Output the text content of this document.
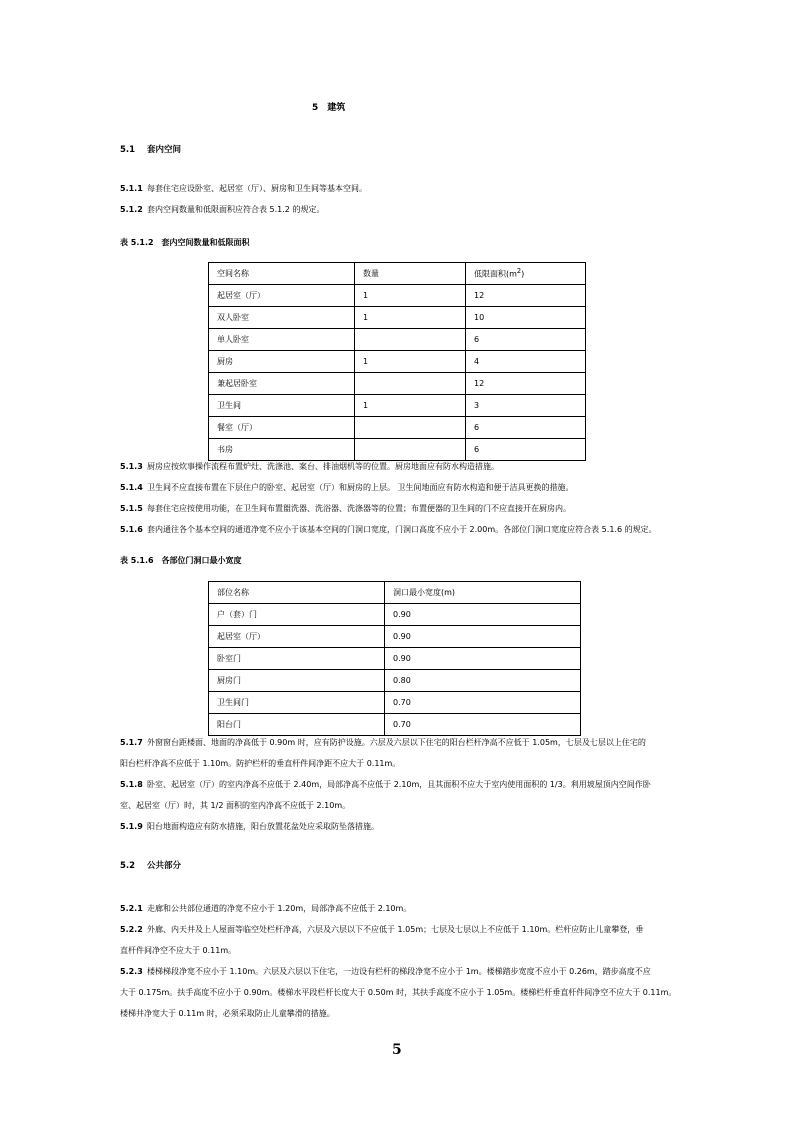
5　建筑
5.1 套内空间
5.1.1 每套住宅应设卧室、起居室（厅）、厨房和卫生间等基本空间。
5.1.2 套内空间数量和低限面积应符合表 5.1.2 的规定。
表 5.1.2　套内空间数量和低限面积
空间名称	数量	低限面积$(m^2)$
起居室（厅）	1	12
双人卧室	1	10
单人卧室		6
厨房	1	4
兼起居卧室		12
卫生间	1	3
餐室（厅）		6
书房		6
5.1.3 厨房应按炊事操作流程布置炉灶、洗涤池、案台、排油烟机等的位置。厨房地面应有防水构造措施。
5.1.4 卫生间不应直接布置在下层住户的卧室、起居室（厅）和厨房的上层。 卫生间地面应有防水构造和便于洁具更换的措施。
5.1.5 每套住宅应按使用功能，在卫生间布置盥洗器、洗浴器、洗涤器等的位置；布置便器的卫生间的门不应直接开在厨房内。
5.1.6 套内通往各个基本空间的通道净宽不应小于该基本空间的门洞口宽度，门洞口高度不应小于 2.00m。各部位门洞口宽度应符合表 5.1.6 的规定。
表 5.1.6　各部位门洞口最小宽度
部位名称	洞口最小宽度(m)
户（套）门	0.90
起居室（厅）	0.90
卧室门	0.90
厨房门	0.80
卫生间门	0.70
阳台门	0.70
5.1.7 外窗窗台距楼面、地面的净高低于 0.90m 时，应有防护设施。六层及六层以下住宅的阳台栏杆净高不应低于 1.05m，七层及七层以上住宅的
阳台栏杆净高不应低于 1.10m。防护栏杆的垂直杆件间净距不应大于 0.11m。
5.1.8 卧室、起居室（厅）的室内净高不应低于 2.40m，局部净高不应低于 2.10m，且其面积不应大于室内使用面积的 1/3。利用坡屋顶内空间作卧
室、起居室（厅）时，其 1/2 面积的室内净高不应低于 2.10m。
5.1.9 阳台地面构造应有防水措施，阳台放置花盆处应采取防坠落措施。
5.2 公共部分
5.2.1 走廊和公共部位通道的净宽不应小于 1.20m，局部净高不应低于 2.10m。
5.2.2 外廊、内天井及上人屋面等临空处栏杆净高，六层及六层以下不应低于 1.05m；七层及七层以上不应低于 1.10m。栏杆应防止儿童攀登，垂
直杆件间净空不应大于 0.11m。
5.2.3 楼梯梯段净宽不应小于 1.10m。六层及六层以下住宅，一边设有栏杆的梯段净宽不应小于 1m。楼梯踏步宽度不应小于 0.26m，踏步高度不应
大于 0.175m。扶手高度不应小于 0.90m。楼梯水平段栏杆长度大于 0.50m 时，其扶手高度不应小于 1.05m。楼梯栏杆垂直杆件间净空不应大于 0.11m。
楼梯井净宽大于 0.11m 时，必须采取防止儿童攀滑的措施。
5
